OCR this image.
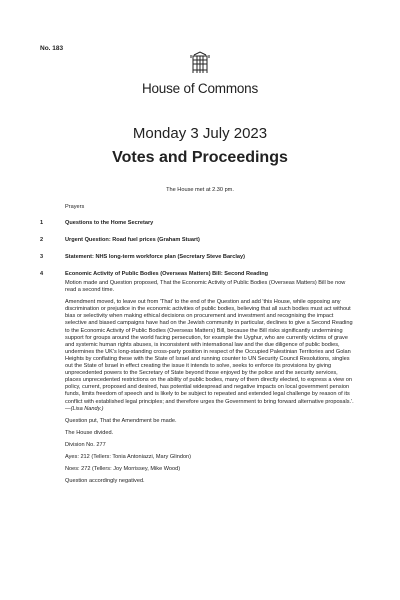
No. 183
House of Commons
Monday 3 July 2023
Votes and Proceedings
The House met at 2.30 pm.
Prayers
1	Questions to the Home Secretary
2	Urgent Question: Road fuel prices (Graham Stuart)
3	Statement: NHS long-term workforce plan (Secretary Steve Barclay)
4	Economic Activity of Public Bodies (Overseas Matters) Bill: Second Reading

Motion made and Question proposed, That the Economic Activity of Public Bodies (Overseas Matters) Bill be now read a second time.

Amendment moved, to leave out from 'That' to the end of the Question and add 'this House, while opposing any discrimination or prejudice in the economic activities of public bodies, believing that all such bodies must act without bias or selectivity when making ethical decisions on procurement and investment and recognising the impact selective and biased campaigns have had on the Jewish community in particular, declines to give a Second Reading to the Economic Activity of Public Bodies (Overseas Matters) Bill, because the Bill risks significantly undermining support for groups around the world facing persecution, for example the Uyghur, who are currently victims of grave and systemic human rights abuses, is inconsistent with international law and the due diligence of public bodies, undermines the UK's long-standing cross-party position in respect of the Occupied Palestinian Territories and Golan Heights by conflating these with the State of Israel and running counter to UN Security Council Resolutions, singles out the State of Israel in effect creating the issue it intends to solve, seeks to enforce its provisions by giving unprecedented powers to the Secretary of State beyond those enjoyed by the police and the security services, places unprecedented restrictions on the ability of public bodies, many of them directly elected, to express a view on policy, current, proposed and desired, has potential widespread and negative impacts on local government pension funds, limits freedom of speech and is likely to be subject to repeated and extended legal challenge by reason of its conflict with established legal principles; and therefore urges the Government to bring forward alternative proposals.'.—(Lisa Nandy.)

Question put, That the Amendment be made.

The House divided.

Division No. 277

Ayes: 212 (Tellers: Tonia Antoniazzi, Mary Glindon)

Noes: 272 (Tellers: Joy Morrissey, Mike Wood)

Question accordingly negatived.
